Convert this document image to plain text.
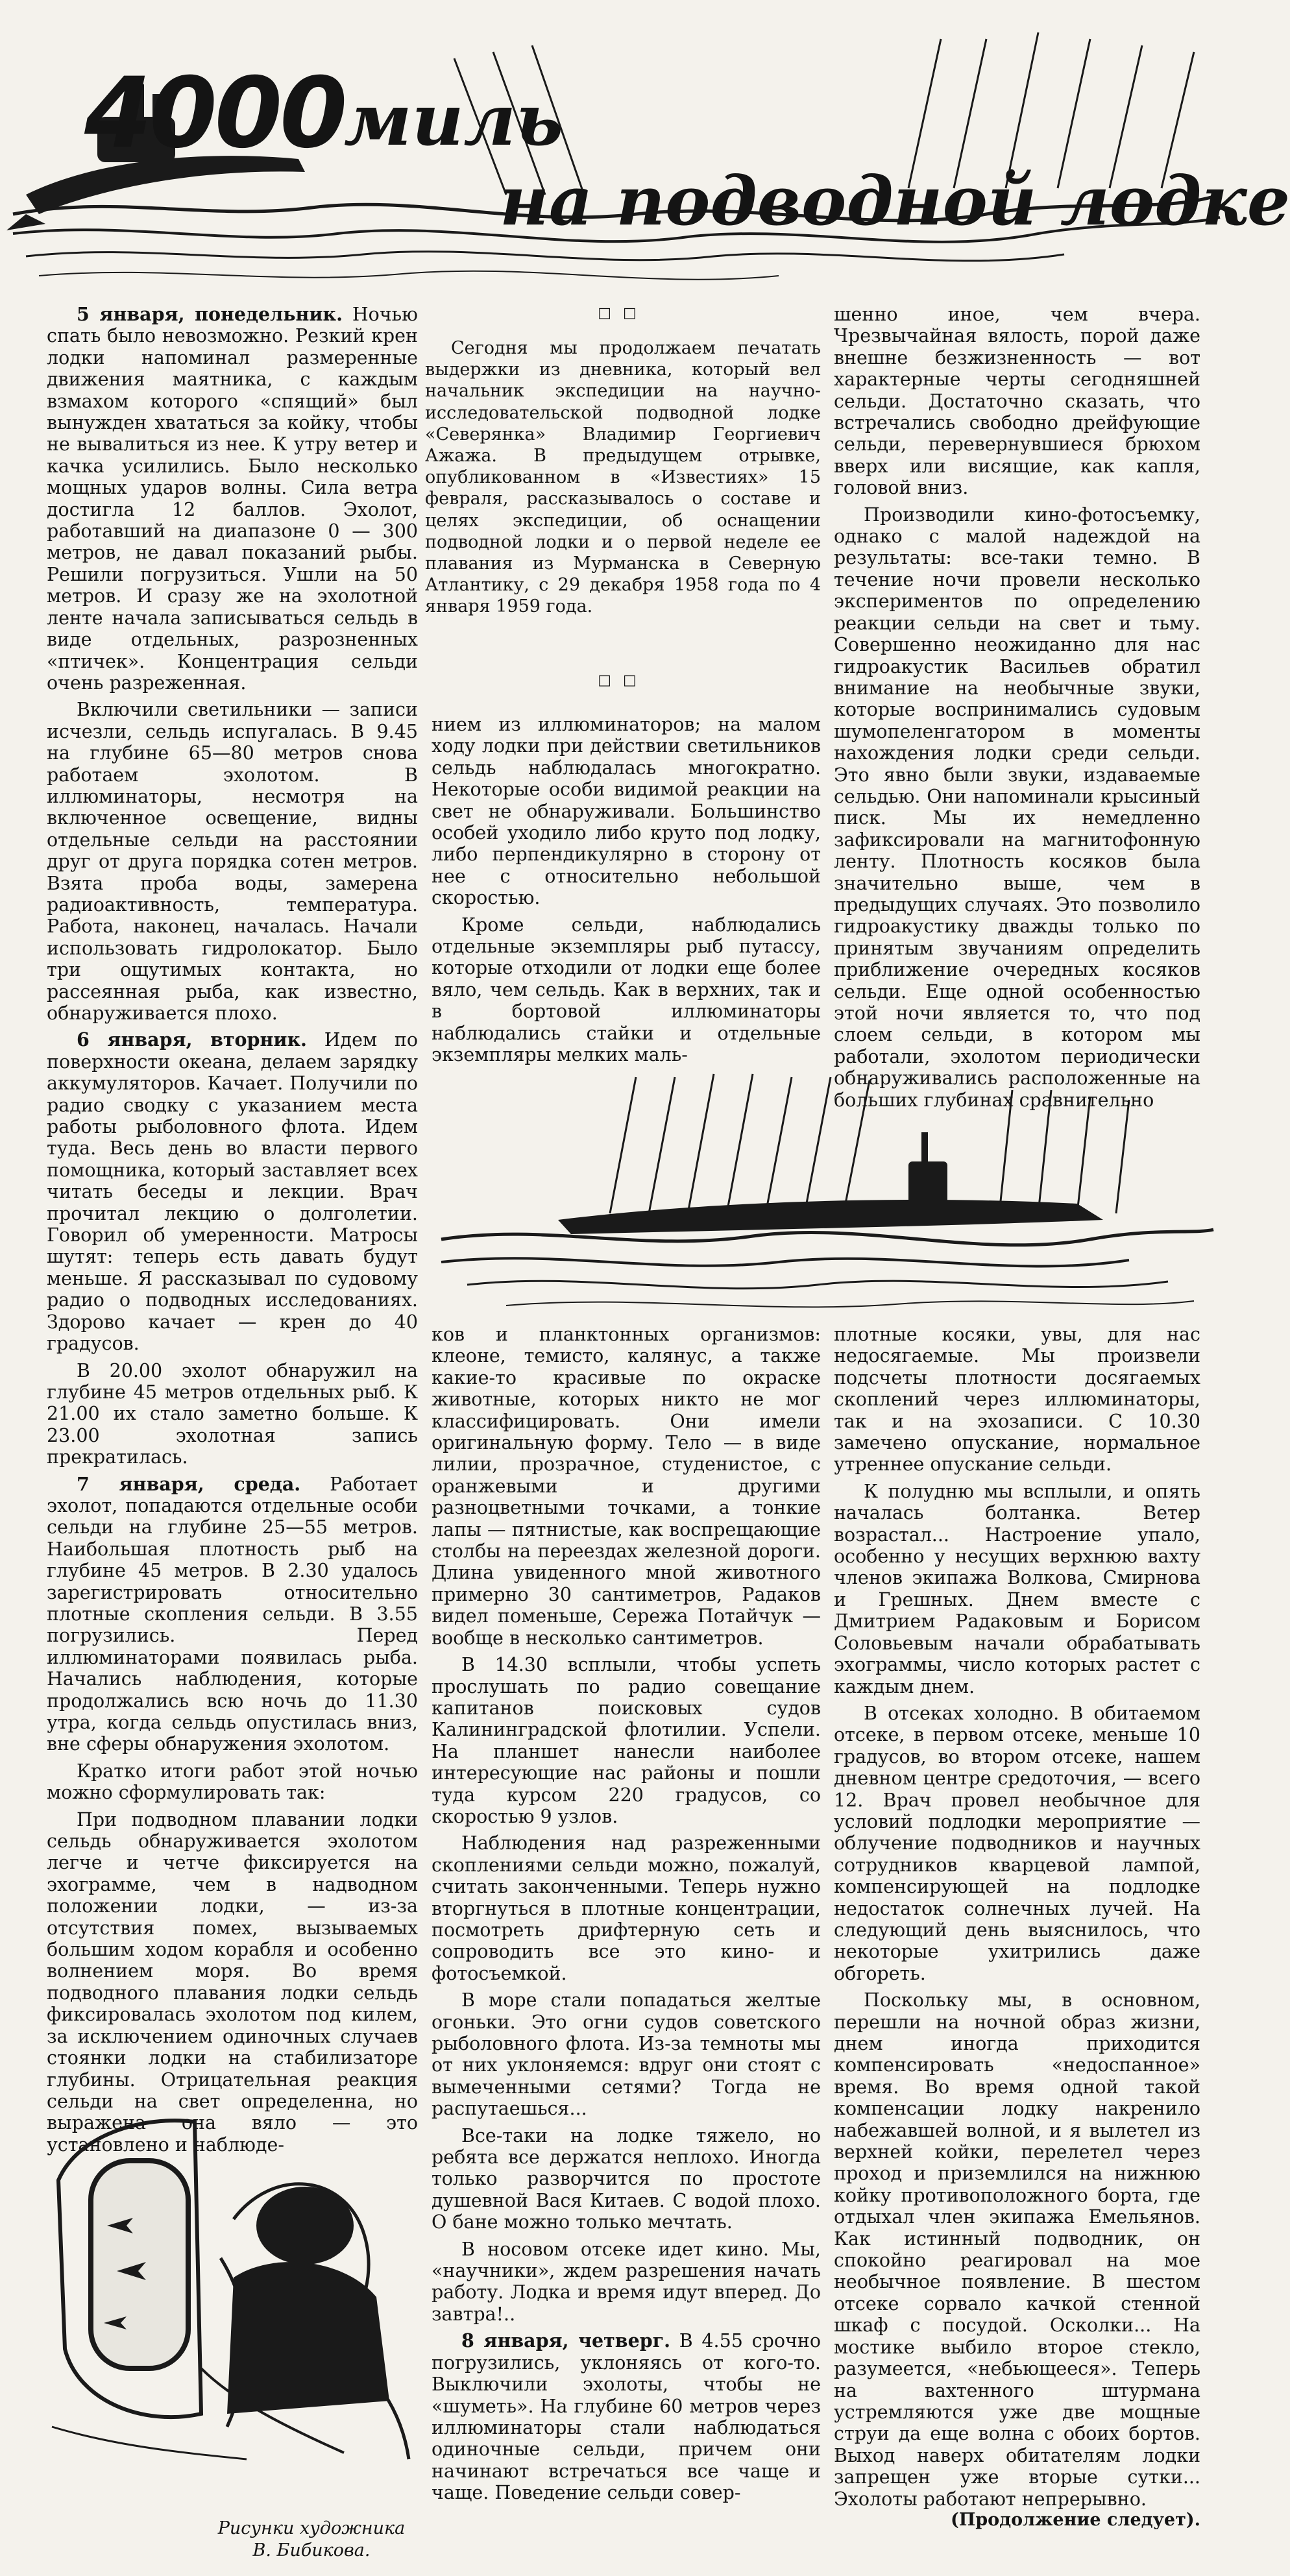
4000
миль
на подводной лодке
□□

Сегодня мы продолжаем печатать выдержки из дневника, который вел начальник экспедиции на научно-исследовательской подводной лодке «Северянка» Владимир Георгиевич Ажажа. В предыдущем отрывке, опубликованном в «Известиях» 15 февраля, рассказывалось о составе и целях экспедиции, об оснащении подводной лодки и о первой неделе ее плавания из Мурманска в Северную Атлантику, с 29 декабря 1958 года по 4 января 1959 года.

□□

5 января, понедельник. Ночью спать было невозможно. Резкий крен лодки напоминал размеренные движения маятника, с каждым взмахом которого «спящий» был вынужден хвататься за койку, чтобы не вывалиться из нее. К утру ветер и качка усилились. Было несколько мощных ударов волны. Сила ветра достигла 12 баллов. Эхолот, работавший на диапазоне 0 — 300 метров, не давал показаний рыбы. Решили погрузиться. Ушли на 50 метров. И сразу же на эхолотной ленте начала записываться сельдь в виде отдельных, разрозненных «птичек». Концентрация сельди очень разреженная.

Включили светильники — записи исчезли, сельдь испугалась. В 9.45 на глубине 65—80 метров снова работаем эхолотом. В иллюминаторы, несмотря на включенное освещение, видны отдельные сельди на расстоянии друг от друга порядка сотен метров. Взята проба воды, замерена радиоактивность, температура. Работа, наконец, началась. Начали использовать гидролокатор. Было три ощутимых контакта, но рассеянная рыба, как известно, обнаруживается плохо.

6 января, вторник. Идем по поверхности океана, делаем зарядку аккумуляторов. Качает. Получили по радио сводку с указанием места работы рыболовного флота. Идем туда. Весь день во власти первого помощника, который заставляет всех читать беседы и лекции. Врач прочитал лекцию о долголетии. Говорил об умеренности. Матросы шутят: теперь есть давать будут меньше. Я рассказывал по судовому радио о подводных исследованиях. Здорово качает — крен до 40 градусов.

В 20.00 эхолот обнаружил на глубине 45 метров отдельных рыб. К 21.00 их стало заметно больше. К 23.00 эхолотная запись прекратилась.

7 января, среда. Работает эхолот, попадаются отдельные особи сельди на глубине 25—55 метров. Наибольшая плотность рыб на глубине 45 метров. В 2.30 удалось зарегистрировать относительно плотные скопления сельди. В 3.55 погрузились. Перед иллюминаторами появилась рыба. Начались наблюдения, которые продолжались всю ночь до 11.30 утра, когда сельдь опустилась вниз, вне сферы обнаружения эхолотом.

Кратко итоги работ этой ночью можно сформулировать так:

При подводном плавании лодки сельдь обнаруживается эхолотом легче и четче фиксируется на эхограмме, чем в надводном положении лодки, — из-за отсутствия помех, вызываемых большим ходом корабля и особенно волнением моря. Во время подводного плавания лодки сельдь фиксировалась эхолотом под килем, за исключением одиночных случаев стоянки лодки на стабилизаторе глубины. Отрицательная реакция сельди на свет определенна, но выражена она вяло — это установлено и наблюде-

Рисунки художника В. Бибикова.

нием из иллюминаторов; на малом ходу лодки при действии светильников сельдь наблюдалась многократно. Некоторые особи видимой реакции на свет не обнаруживали. Большинство особей уходило либо круто под лодку, либо перпендикулярно в сторону от нее с относительно небольшой скоростью.

Кроме сельди, наблюдались отдельные экземпляры рыб путассу, которые отходили от лодки еще более вяло, чем сельдь. Как в верхних, так и в бортовой иллюминаторы наблюдались стайки и отдельные экземпляры мелких маль-

ков и планктонных организмов: клеоне, темисто, калянус, а также какие-то красивые по окраске животные, которых никто не мог классифицировать. Они имели оригинальную форму. Тело — в виде лилии, прозрачное, студенистое, с оранжевыми и другими разноцветными точками, а тонкие лапы — пятнистые, как воспрещающие столбы на переездах железной дороги. Длина увиденного мной животного примерно 30 сантиметров, Радаков видел поменьше, Сережа Потайчук — вообще в несколько сантиметров.

В 14.30 всплыли, чтобы успеть прослушать по радио совещание капитанов поисковых судов Калининградской флотилии. Успели. На планшет нанесли наиболее интересующие нас районы и пошли туда курсом 220 градусов, со скоростью 9 узлов.

Наблюдения над разреженными скоплениями сельди можно, пожалуй, считать законченными. Теперь нужно вторгнуться в плотные концентрации, посмотреть дрифтерную сеть и сопроводить все это кино- и фотосъемкой.

В море стали попадаться желтые огоньки. Это огни судов советского рыболовного флота. Из-за темноты мы от них уклоняемся: вдруг они стоят с вымеченными сетями? Тогда не распутаешься...

Все-таки на лодке тяжело, но ребята все держатся неплохо. Иногда только разворчится по простоте душевной Вася Китаев. С водой плохо. О бане можно только мечтать.

В носовом отсеке идет кино. Мы, «научники», ждем разрешения начать работу. Лодка и время идут вперед. До завтра!..

8 января, четверг. В 4.55 срочно погрузились, уклоняясь от кого-то. Выключили эхолоты, чтобы не «шуметь». На глубине 60 метров через иллюминаторы стали наблюдаться одиночные сельди, причем они начинают встречаться все чаще и чаще. Поведение сельди совер-

шенно иное, чем вчера. Чрезвычайная вялость, порой даже внешне безжизненность — вот характерные черты сегодняшней сельди. Достаточно сказать, что встречались свободно дрейфующие сельди, перевернувшиеся брюхом вверх или висящие, как капля, головой вниз.

Производили кино-фотосъемку, однако с малой надеждой на результаты: все-таки темно. В течение ночи провели несколько экспериментов по определению реакции сельди на свет и тьму. Совершенно неожиданно для нас гидроакустик Васильев обратил внимание на необычные звуки, которые воспринимались судовым шумопеленгатором в моменты нахождения лодки среди сельди. Это явно были звуки, издаваемые сельдью. Они напоминали крысиный писк. Мы их немедленно зафиксировали на магнитофонную ленту. Плотность косяков была значительно выше, чем в предыдущих случаях. Это позволило гидроакустику дважды только по принятым звучаниям определить приближение очередных косяков сельди. Еще одной особенностью этой ночи является то, что под слоем сельди, в котором мы работали, эхолотом периодически обнаруживались расположенные на больших глубинах сравнительно

плотные косяки, увы, для нас недосягаемые. Мы произвели подсчеты плотности досягаемых скоплений через иллюминаторы, так и на эхозаписи. С 10.30 замечено опускание, нормальное утреннее опускание сельди.

К полудню мы всплыли, и опять началась болтанка. Ветер возрастал... Настроение упало, особенно у несущих верхнюю вахту членов экипажа Волкова, Смирнова и Грешных. Днем вместе с Дмитрием Радаковым и Борисом Соловьевым начали обрабатывать эхограммы, число которых растет с каждым днем.

В отсеках холодно. В обитаемом отсеке, в первом отсеке, меньше 10 градусов, во втором отсеке, нашем дневном центре средоточия, — всего 12. Врач провел необычное для условий подлодки мероприятие — облучение подводников и научных сотрудников кварцевой лампой, компенсирующей на подлодке недостаток солнечных лучей. На следующий день выяснилось, что некоторые ухитрились даже обгореть.

Поскольку мы, в основном, перешли на ночной образ жизни, днем иногда приходится компенсировать «недоспанное» время. Во время одной такой компенсации лодку накренило набежавшей волной, и я вылетел из верхней койки, перелетел через проход и приземлился на нижнюю койку противоположного борта, где отдыхал член экипажа Емельянов. Как истинный подводник, он спокойно реагировал на мое необычное появление. В шестом отсеке сорвало качкой стенной шкаф с посудой. Осколки... На мостике выбило второе стекло, разумеется, «небьющееся». Теперь на вахтенного штурмана устремляются уже две мощные струи да еще волна с обоих бортов. Выход наверх обитателям лодки запрещен уже вторые сутки... Эхолоты работают непрерывно.

(Продолжение следует).
